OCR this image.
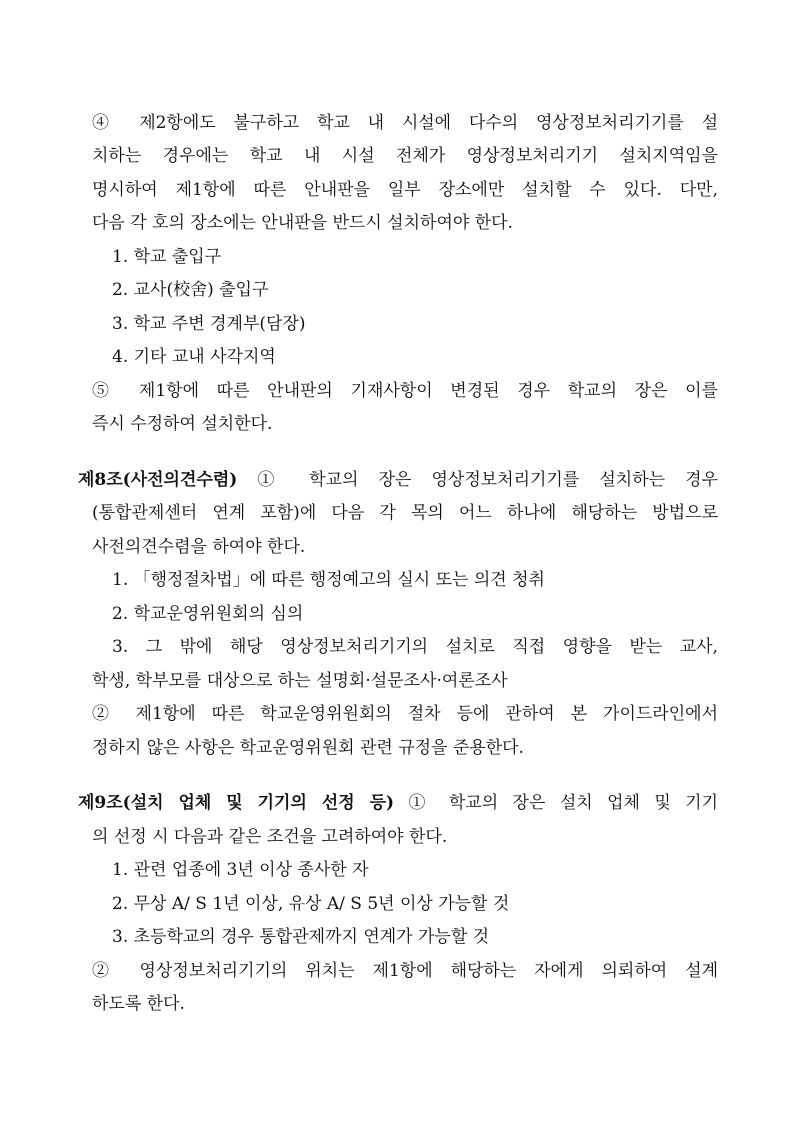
④ 제2항에도 불구하고 학교 내 시설에 다수의 영상정보처리기기를 설
치하는 경우에는 학교 내 시설 전체가 영상정보처리기기 설치지역임을
명시하여 제1항에 따른 안내판을 일부 장소에만 설치할 수 있다. 다만,
다음 각 호의 장소에는 안내판을 반드시 설치하여야 한다.
1. 학교 출입구
2. 교사(校舍) 출입구
3. 학교 주변 경계부(담장)
4. 기타 교내 사각지역
⑤ 제1항에 따른 안내판의 기재사항이 변경된 경우 학교의 장은 이를
즉시 수정하여 설치한다.
제8조(사전의견수렴) ① 학교의 장은 영상정보처리기기를 설치하는 경우
(통합관제센터 연계 포함)에 다음 각 목의 어느 하나에 해당하는 방법으로
사전의견수렴을 하여야 한다.
1. 「행정절차법」에 따른 행정예고의 실시 또는 의견 청취
2. 학교운영위원회의 심의
3. 그 밖에 해당 영상정보처리기기의 설치로 직접 영향을 받는 교사,
학생, 학부모를 대상으로 하는 설명회·설문조사·여론조사
② 제1항에 따른 학교운영위원회의 절차 등에 관하여 본 가이드라인에서
정하지 않은 사항은 학교운영위원회 관련 규정을 준용한다.
제9조(설치 업체 및 기기의 선정 등) ① 학교의 장은 설치 업체 및 기기
의 선정 시 다음과 같은 조건을 고려하여야 한다.
1. 관련 업종에 3년 이상 종사한 자
2. 무상 A/ S 1년 이상, 유상 A/ S 5년 이상 가능할 것
3. 초등학교의 경우 통합관제까지 연계가 가능할 것
② 영상정보처리기기의 위치는 제1항에 해당하는 자에게 의뢰하여 설계
하도록 한다.
